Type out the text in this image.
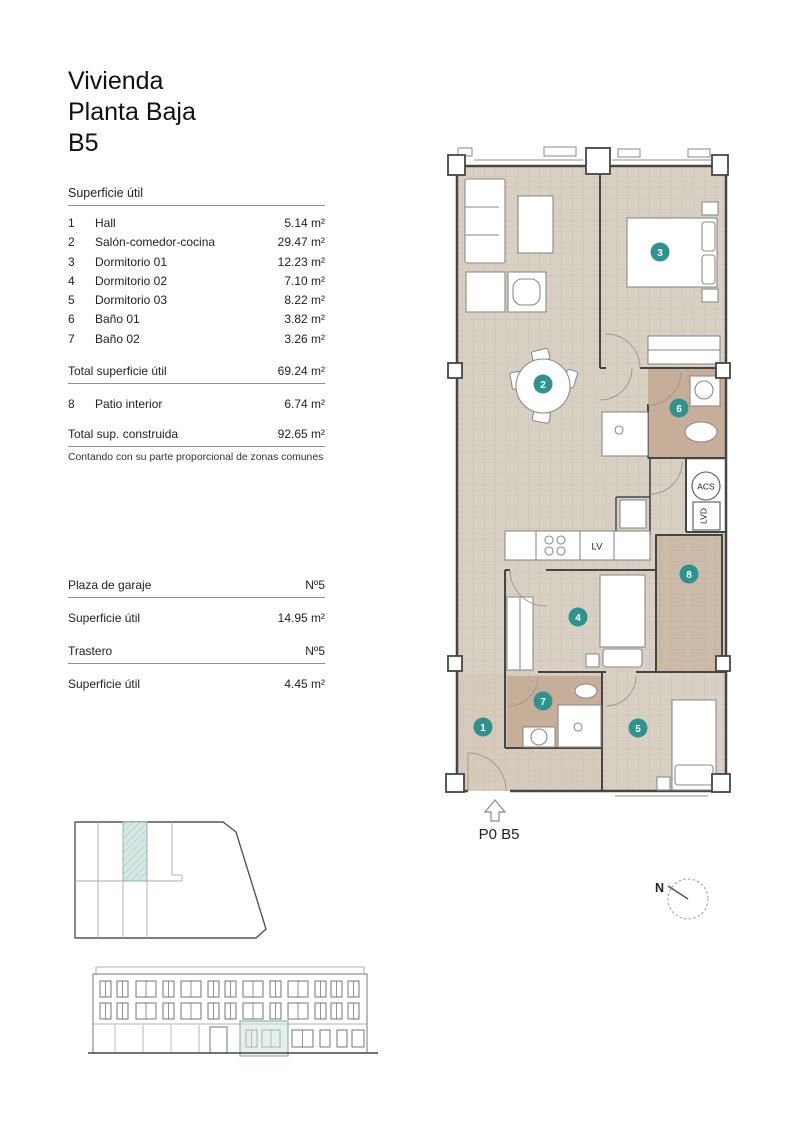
Vivienda
Planta Baja
B5
Superficie útil
1	Hall	5.14 m²
2	Salón-comedor-cocina	29.47 m²
3	Dormitorio 01	12.23 m²
4	Dormitorio 02	7.10 m²
5	Dormitorio 03	8.22 m²
6	Baño 01	3.82 m²
7	Baño 02	3.26 m²
Total superficie útil	69.24 m²
8	Patio interior	6.74 m²
Total sup. construida	92.65 m²
Contando con su parte proporcional de zonas comunes
Plaza de garaje	Nº5
Superficie útil	14.95 m²
Trastero	Nº5
Superficie útil	4.45 m²
1
2
3
4
5
6
7
8
ACS
LVD
LV
P0 B5
N
